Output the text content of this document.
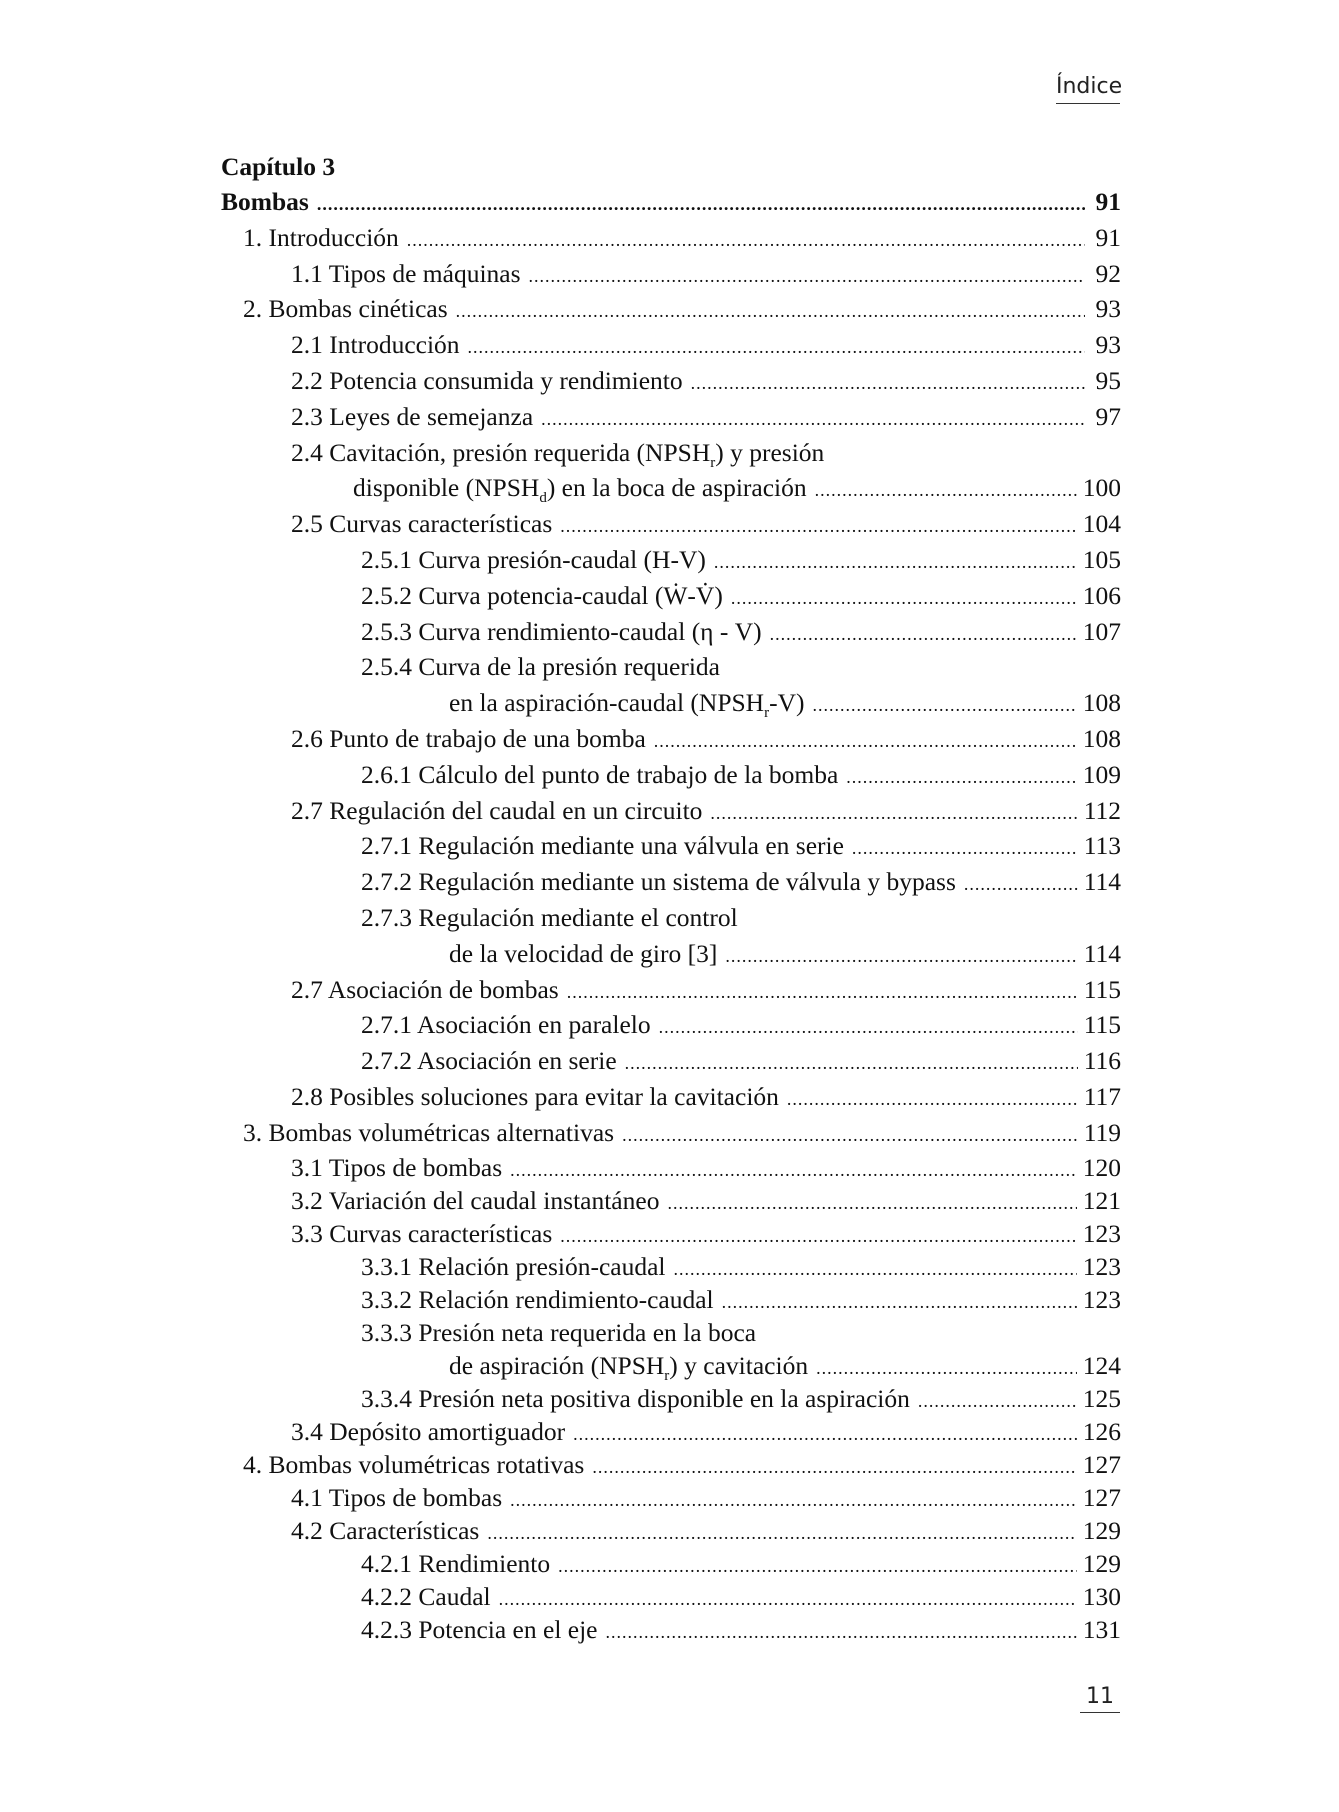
Índice
Capítulo 3
Bombas .....	91
1. Introducción .....	91
1.1 Tipos de máquinas .....	92
2. Bombas cinéticas .....	93
2.1 Introducción .....	93
2.2 Potencia consumida y rendimiento .....	95
2.3 Leyes de semejanza .....	97
2.4 Cavitación, presión requerida $(NPSH_r)$ y presión
disponible $(NPSH_d)$ en la boca de aspiración .....	100
2.5 Curvas características .....	104
2.5.1 Curva presión-caudal (H-V) .....	105
2.5.2 Curva potencia-caudal (Ẇ-V̇) .....	106
2.5.3 Curva rendimiento-caudal (η - V) .....	107
2.5.4 Curva de la presión requerida
en la aspiración-caudal $(NPSH_r-V)$ .....	108
2.6 Punto de trabajo de una bomba .....	108
2.6.1 Cálculo del punto de trabajo de la bomba .....	109
2.7 Regulación del caudal en un circuito .....	112
2.7.1 Regulación mediante una válvula en serie .....	113
2.7.2 Regulación mediante un sistema de válvula y bypass .....	114
2.7.3 Regulación mediante el control
de la velocidad de giro [3] .....	114
2.7 Asociación de bombas .....	115
2.7.1 Asociación en paralelo .....	115
2.7.2 Asociación en serie .....	116
2.8 Posibles soluciones para evitar la cavitación .....	117
3. Bombas volumétricas alternativas .....	119
3.1 Tipos de bombas .....	120
3.2 Variación del caudal instantáneo .....	121
3.3 Curvas características .....	123
3.3.1 Relación presión-caudal .....	123
3.3.2 Relación rendimiento-caudal .....	123
3.3.3 Presión neta requerida en la boca
de aspiración $(NPSH_r)$ y cavitación .....	124
3.3.4 Presión neta positiva disponible en la aspiración .....	125
3.4 Depósito amortiguador .....	126
4. Bombas volumétricas rotativas .....	127
4.1 Tipos de bombas .....	127
4.2 Características .....	129
4.2.1 Rendimiento .....	129
4.2.2 Caudal .....	130
4.2.3 Potencia en el eje .....	131
11
